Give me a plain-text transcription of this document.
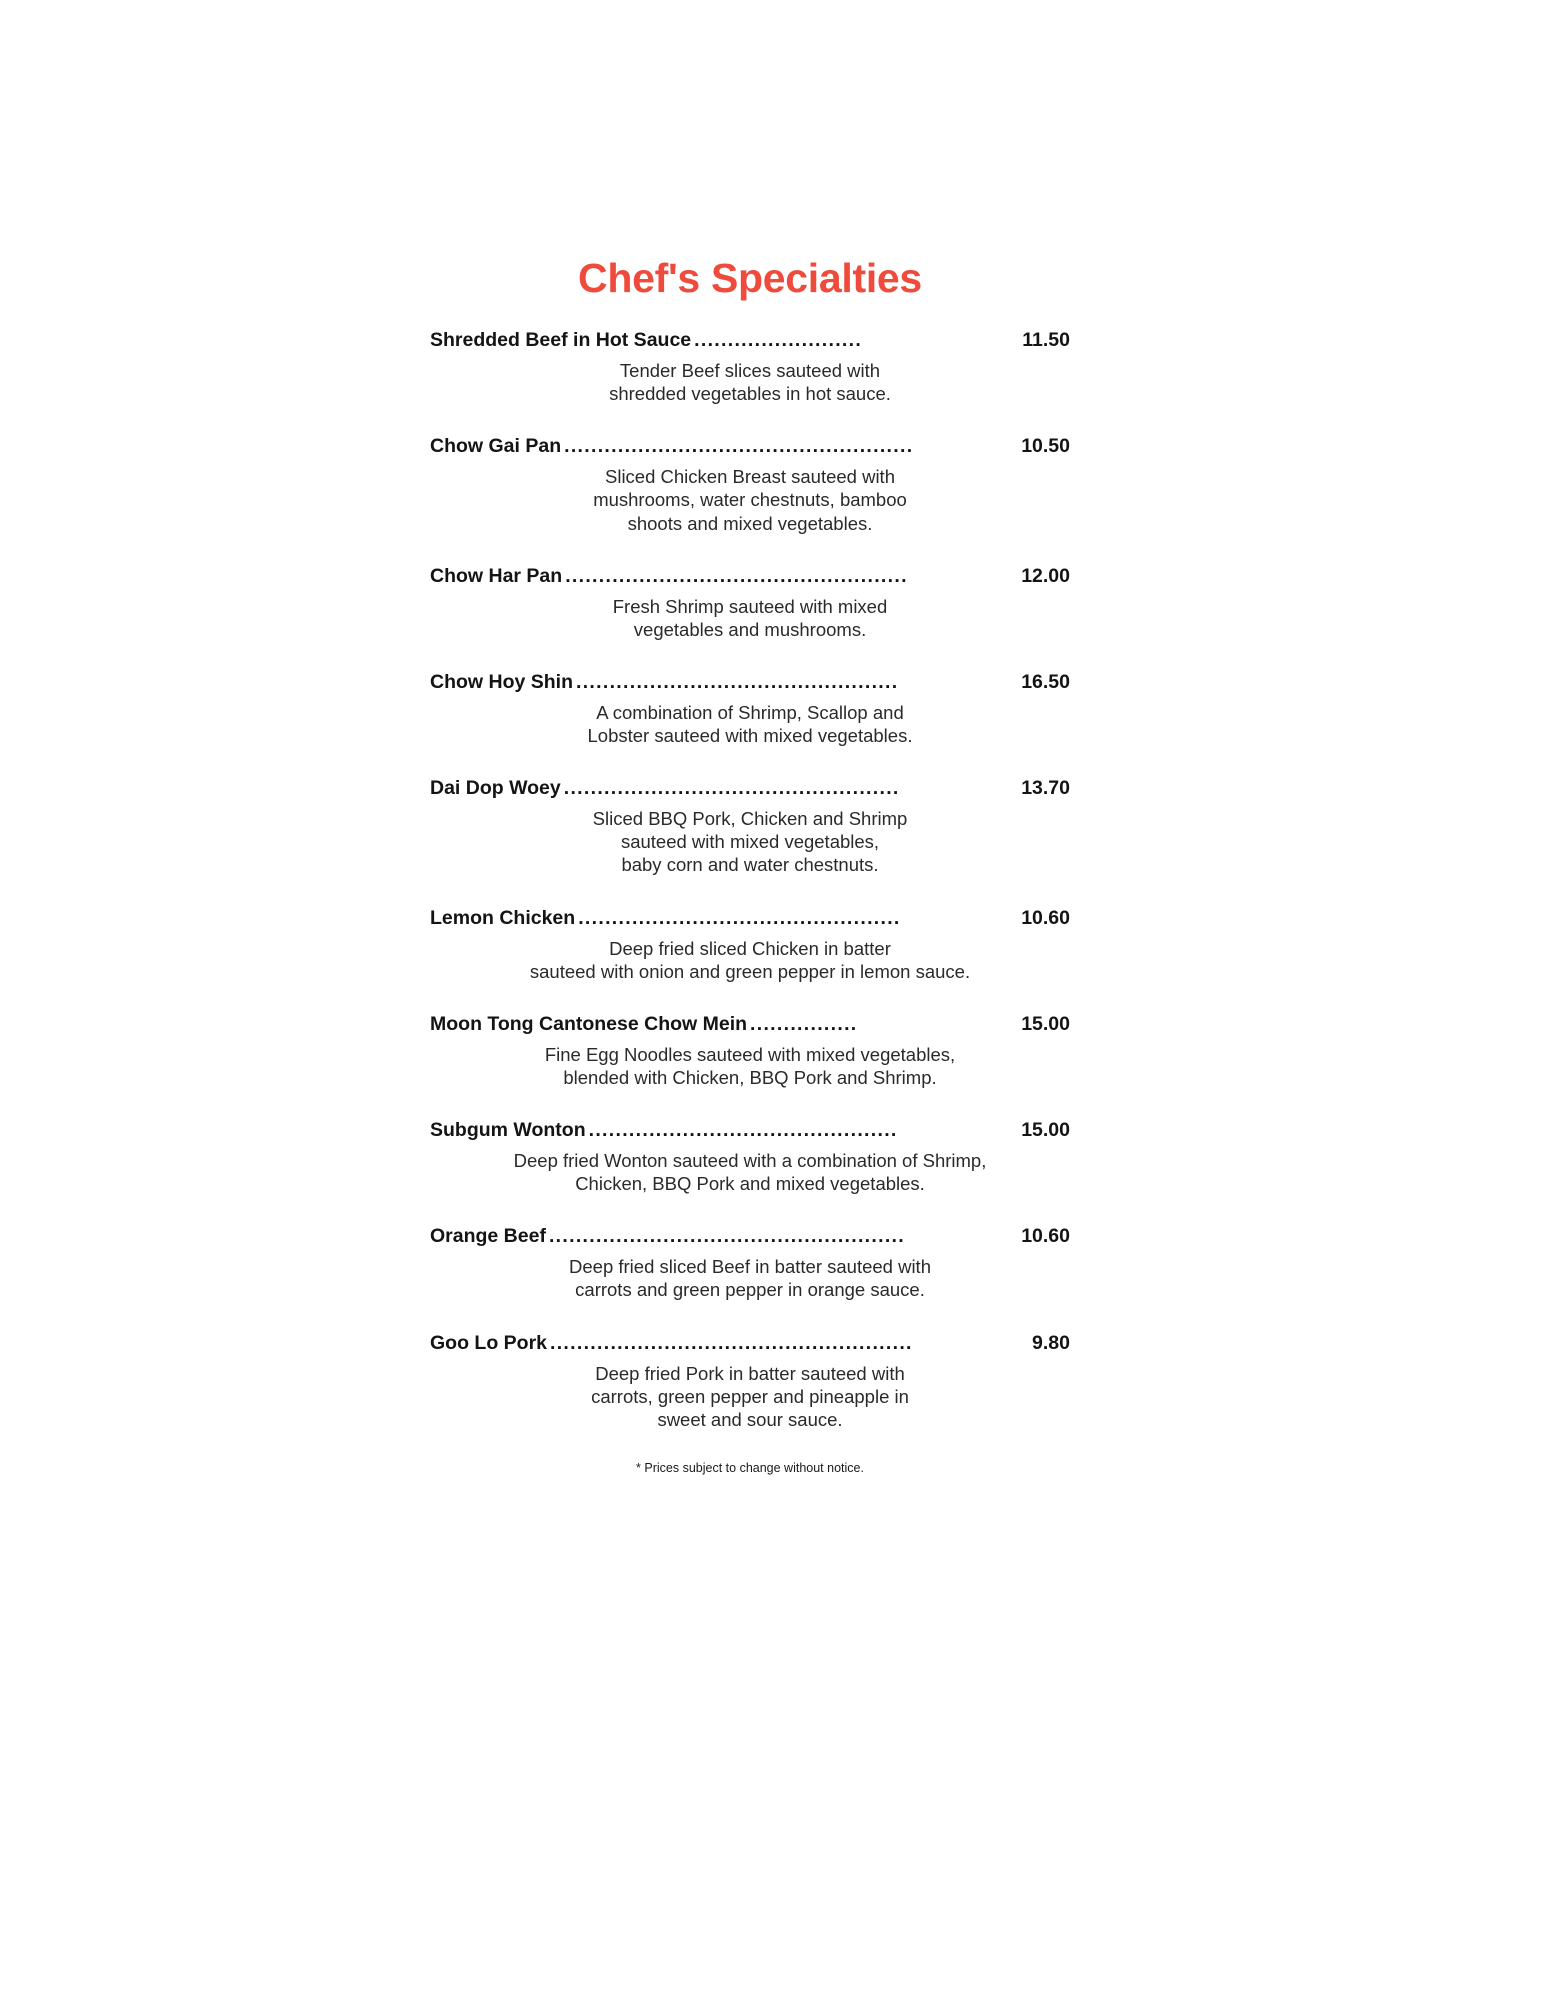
Chef's Specialties
Shredded Beef in Hot Sauce .........................	11.50
Tender Beef slices sauteed with
shredded vegetables in hot sauce.
Chow Gai Pan ....................................................	10.50
Sliced Chicken Breast sauteed with
mushrooms, water chestnuts, bamboo
shoots and mixed vegetables.
Chow Har Pan ...................................................	12.00
Fresh Shrimp sauteed with mixed
vegetables and mushrooms.
Chow Hoy Shin ................................................	16.50
A combination of Shrimp, Scallop and
Lobster sauteed with mixed vegetables.
Dai Dop Woey ..................................................	13.70
Sliced BBQ Pork, Chicken and Shrimp
sauteed with mixed vegetables,
baby corn and water chestnuts.
Lemon Chicken ................................................	10.60
Deep fried sliced Chicken in batter
sauteed with onion and green pepper in lemon sauce.
Moon Tong Cantonese Chow Mein ................	15.00
Fine Egg Noodles sauteed with mixed vegetables,
blended with Chicken, BBQ Pork and Shrimp.
Subgum Wonton ..............................................	15.00
Deep fried Wonton sauteed with a combination of Shrimp,
Chicken, BBQ Pork and mixed vegetables.
Orange Beef .....................................................	10.60
Deep fried sliced Beef in batter sauteed with
carrots and green pepper in orange sauce.
Goo Lo Pork ......................................................	9.80
Deep fried Pork in batter sauteed with
carrots, green pepper and pineapple in
sweet and sour sauce.
* Prices subject to change without notice.
